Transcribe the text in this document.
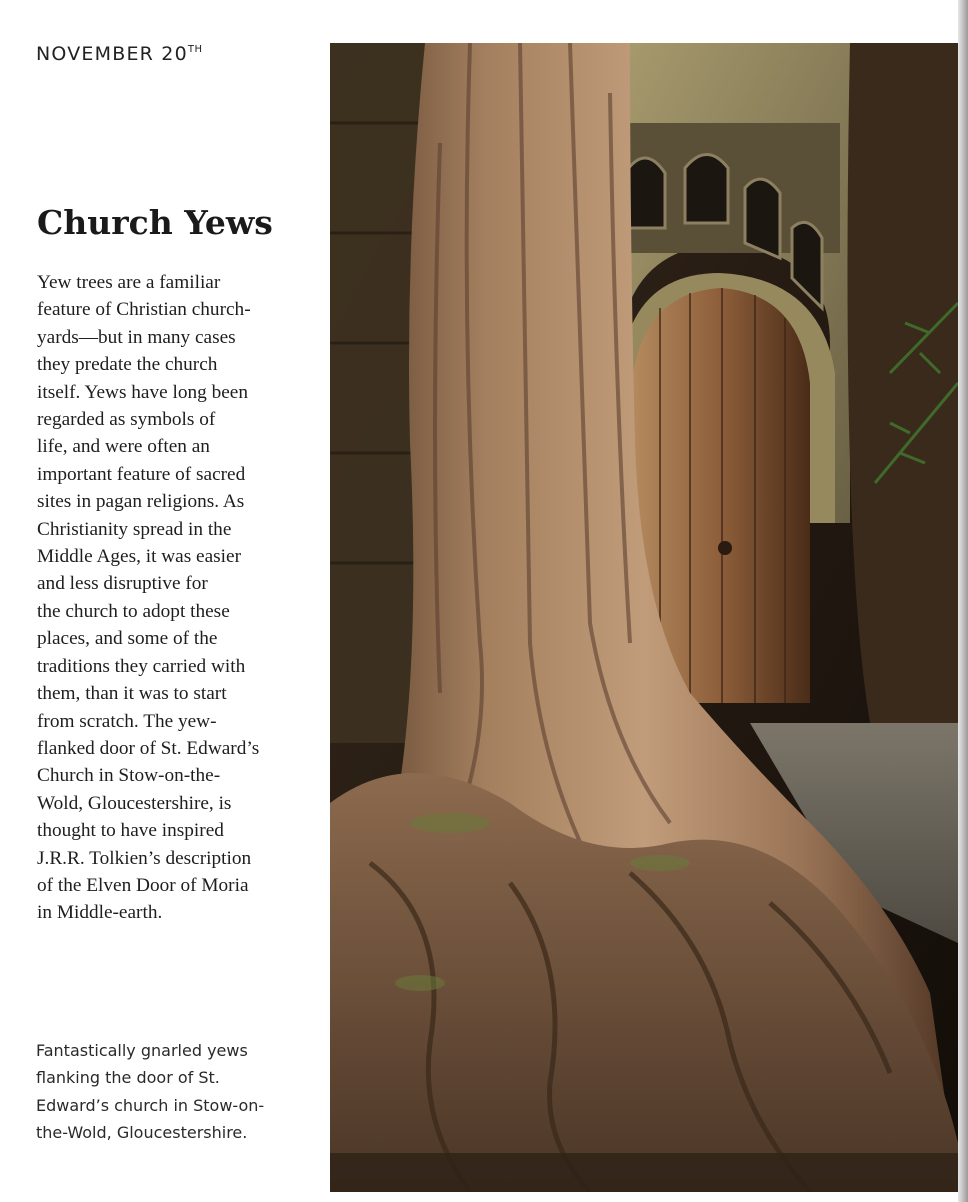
NOVEMBER 20TH
Church Yews
Yew trees are a familiar
feature of Christian church-
yards—but in many cases
they predate the church
itself. Yews have long been
regarded as symbols of
life, and were often an
important feature of sacred
sites in pagan religions. As
Christianity spread in the
Middle Ages, it was easier
and less disruptive for
the church to adopt these
places, and some of the
traditions they carried with
them, than it was to start
from scratch. The yew-
flanked door of St. Edward’s
Church in Stow-on-the-
Wold, Gloucestershire, is
thought to have inspired
J.R.R. Tolkien’s description
of the Elven Door of Moria
in Middle-earth.
Fantastically gnarled yews
flanking the door of St.
Edward’s church in Stow-on-
the-Wold, Gloucestershire.
